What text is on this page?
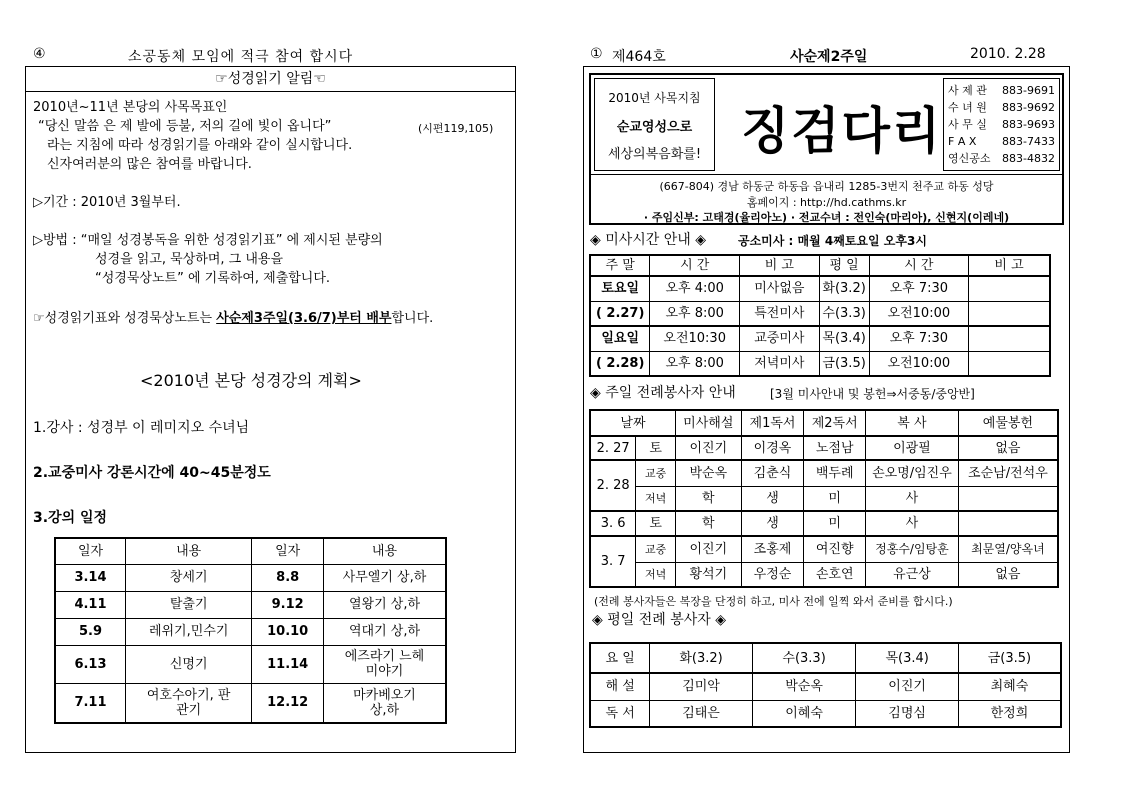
④	소공동체 모임에 적극 참여 합시다
☞성경읽기 알림☜
2010년~11년 본당의 사목목표인
“당신 말씀 은 제 발에 등불, 저의 길에 빛이 옵니다”	(시편119,105)
라는 지침에 따라 성경읽기를 아래와 같이 실시합니다.
신자여러분의 많은 참여를 바랍니다.
▷기간 : 2010년 3월부터.
▷방법 : “매일 성경봉독을 위한 성경읽기표” 에 제시된 분량의
성경을 읽고, 묵상하며, 그 내용을
“성경묵상노트” 에 기록하여, 제출합니다.
☞성경읽기표와 성경묵상노트는 사순제3주일(3.6/7)부터 배부합니다.
<2010년 본당 성경강의 계획>
1.강사 : 성경부 이 레미지오 수녀님
2.교중미사 강론시간에 40~45분정도
3.강의 일정
일자	내용	일자	내용
3.14	창세기	8.8	사무엘기 상,하
4.11	탈출기	9.12	열왕기 상,하
5.9	레위기,민수기	10.10	역대기 상,하
6.13	신명기	11.14	에즈라기 느헤미야기
7.11	여호수아기, 판관기	12.12	마카베오기 상,하
① 제464호	사순제2주일	2010. 2.28
2010년 사목지침
순교영성으로
세상의복음화를! 징검다리
사 제 관 883-9691
수 녀 원 883-9692
사 무 실 883-9693
F A X 883-7433
영신공소 883-4832
(667-804) 경남 하동군 하동읍 읍내리 1285-3번지 천주교 하동 성당
홈페이지 : http://hd.cathms.kr
· 주임신부: 고태경(율리아노) · 전교수녀 : 전인숙(마리아), 신현지(이레네)
◈ 미사시간 안내 ◈	공소미사 : 매월 4째토요일 오후3시
주 말	시 간	비 고	평 일	시 간	비 고
토요일	오후 4:00	미사없음	화(3.2)	오후 7:30	
( 2.27)	오후 8:00	특전미사	수(3.3)	오전10:00	
일요일	오전10:30	교중미사	목(3.4)	오후 7:30	
( 2.28)	오후 8:00	저녁미사	금(3.5)	오전10:00	
◈ 주일 전례봉사자 안내	[3월 미사안내 및 봉헌⇒서중동/중앙반]
날짜		미사해설	제1독서	제2독서	복 사	예물봉헌
2. 27	토	이진기	이경옥	노점남	이광필	없음
2. 28	교중	박순옥	김춘식	백두례	손오명/임진우	조순남/전석우
	저녁	학	생	미	사	
3. 6	토	학	생	미	사	
3. 7	교중	이진기	조홍제	여진향	정홍수/임탕훈	최문열/양옥녀
	저녁	황석기	우정순	손호연	유근상	없음
(전례 봉사자들은 복장을 단정히 하고, 미사 전에 일찍 와서 준비를 합시다.)
◈ 평일 전례 봉사자 ◈
요 일	화(3.2)	수(3.3)	목(3.4)	금(3.5)
해 설	김미악	박순옥	이진기	최혜숙
독 서	김태은	이혜숙	김명심	한정희
